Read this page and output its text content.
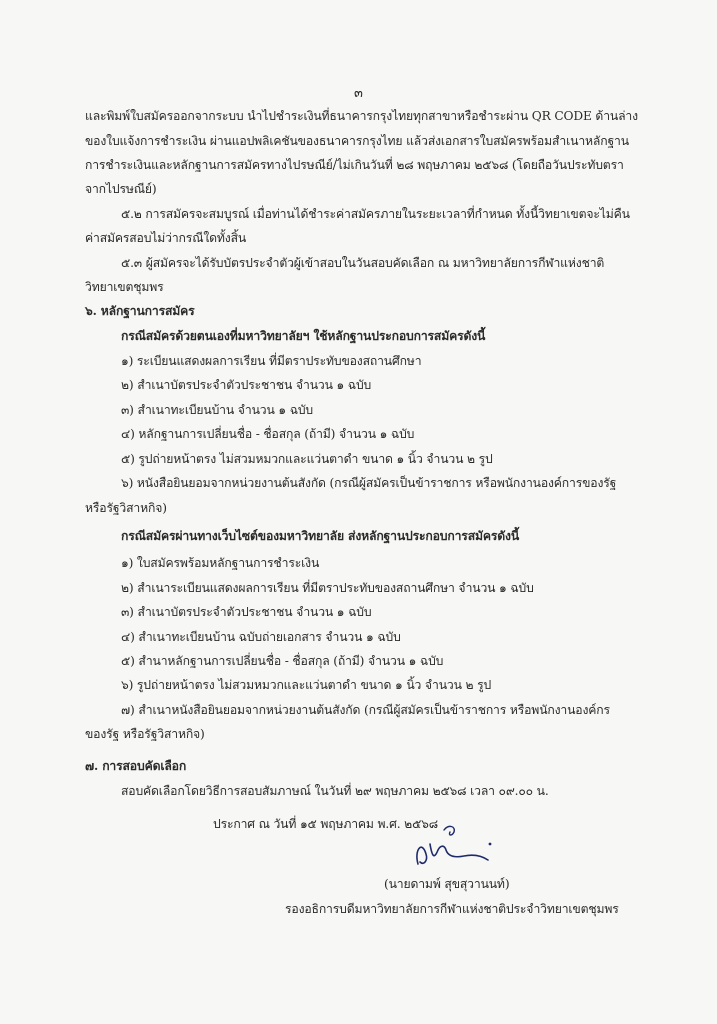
๓
และพิมพ์ใบสมัครออกจากระบบ นำไปชำระเงินที่ธนาคารกรุงไทยทุกสาขาหรือชำระผ่าน QR CODE ด้านล่าง
ของใบแจ้งการชำระเงิน ผ่านแอปพลิเคชันของธนาคารกรุงไทย แล้วส่งเอกสารใบสมัครพร้อมสำเนาหลักฐาน
การชำระเงินและหลักฐานการสมัครทางไปรษณีย์/ไม่เกินวันที่ ๒๘ พฤษภาคม ๒๕๖๘ (โดยถือวันประทับตรา
จากไปรษณีย์)
๕.๒ การสมัครจะสมบูรณ์ เมื่อท่านได้ชำระค่าสมัครภายในระยะเวลาที่กำหนด ทั้งนี้วิทยาเขตจะไม่คืน
ค่าสมัครสอบไม่ว่ากรณีใดทั้งสิ้น
๕.๓ ผู้สมัครจะได้รับบัตรประจำตัวผู้เข้าสอบในวันสอบคัดเลือก ณ มหาวิทยาลัยการกีฬาแห่งชาติ
วิทยาเขตชุมพร
๖. หลักฐานการสมัคร
กรณีสมัครด้วยตนเองที่มหาวิทยาลัยฯ ใช้หลักฐานประกอบการสมัครดังนี้
๑) ระเบียนแสดงผลการเรียน ที่มีตราประทับของสถานศึกษา
๒) สำเนาบัตรประจำตัวประชาชน จำนวน ๑ ฉบับ
๓) สำเนาทะเบียนบ้าน จำนวน ๑ ฉบับ
๔) หลักฐานการเปลี่ยนชื่อ - ชื่อสกุล (ถ้ามี) จำนวน ๑ ฉบับ
๕) รูปถ่ายหน้าตรง ไม่สวมหมวกและแว่นตาดำ ขนาด ๑ นิ้ว จำนวน ๒ รูป
๖) หนังสือยินยอมจากหน่วยงานต้นสังกัด (กรณีผู้สมัครเป็นข้าราชการ หรือพนักงานองค์การของรัฐ
หรือรัฐวิสาหกิจ)
กรณีสมัครผ่านทางเว็บไซต์ของมหาวิทยาลัย ส่งหลักฐานประกอบการสมัครดังนี้
๑) ใบสมัครพร้อมหลักฐานการชำระเงิน
๒) สำเนาระเบียนแสดงผลการเรียน ที่มีตราประทับของสถานศึกษา จำนวน ๑ ฉบับ
๓) สำเนาบัตรประจำตัวประชาชน จำนวน ๑ ฉบับ
๔) สำเนาทะเบียนบ้าน ฉบับถ่ายเอกสาร จำนวน ๑ ฉบับ
๕) สำนาหลักฐานการเปลี่ยนชื่อ - ชื่อสกุล (ถ้ามี) จำนวน ๑ ฉบับ
๖) รูปถ่ายหน้าตรง ไม่สวมหมวกและแว่นตาดำ ขนาด ๑ นิ้ว จำนวน ๒ รูป
๗) สำเนาหนังสือยินยอมจากหน่วยงานต้นสังกัด (กรณีผู้สมัครเป็นข้าราชการ หรือพนักงานองค์กร
ของรัฐ หรือรัฐวิสาหกิจ)
๗. การสอบคัดเลือก
สอบคัดเลือกโดยวิธีการสอบสัมภาษณ์ ในวันที่ ๒๙ พฤษภาคม ๒๕๖๘ เวลา ๐๙.๐๐ น.
ประกาศ ณ วันที่ ๑๕ พฤษภาคม พ.ศ. ๒๕๖๘
(นายดามพ์ สุขสุวานนท์)
รองอธิการบดีมหาวิทยาลัยการกีฬาแห่งชาติประจำวิทยาเขตชุมพร
